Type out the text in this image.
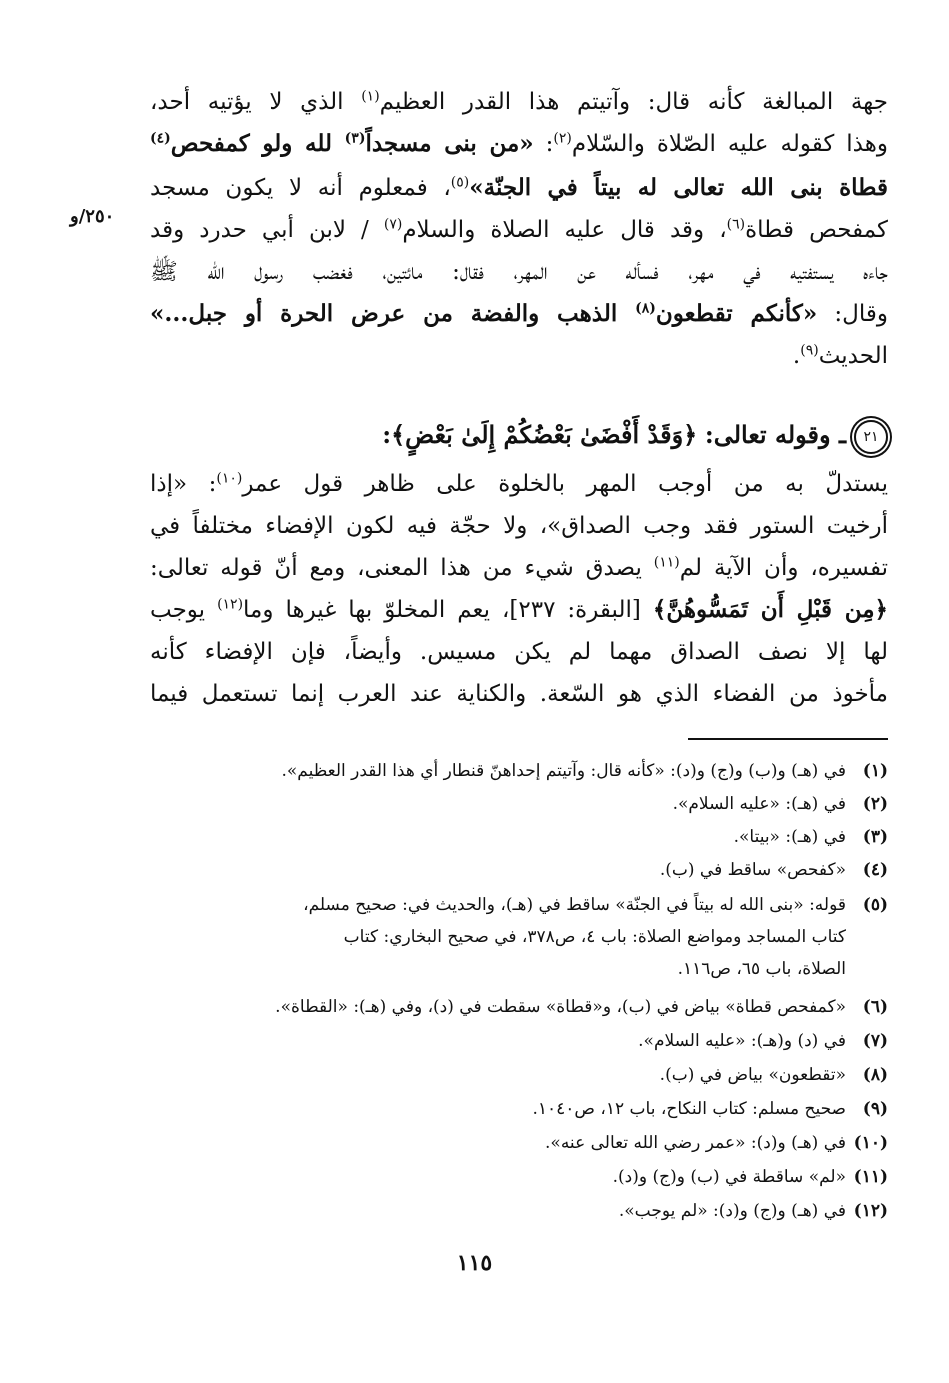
٢٥٠/و
جهة المبالغة كأنه قال: وآتيتم هذا القدر العظيم$^{(١)}$ الذي لا يؤتيه أحد،
وهذا كقوله عليه الصّلاة والسّلام$^{(٢)}$: «من بنى مسجداً$^{(٣)}$ لله ولو كمفحص$^{(٤)}$
قطاة بنى الله تعالى له بيتاً في الجنّة»$^{(٥)}$، فمعلوم أنه لا يكون مسجد
كمفحص قطاة$^{(٦)}$، وقد قال عليه الصلاة والسلام$^{(٧)}$ / لابن أبي حدرد وقد
جاءه يستفتيه في مهر، فسأله عن المهر، فقال: مائتين، فغضب رسول الله ﷺ
وقال: «كأنكم تقطعون$^{(٨)}$ الذهب والفضة من عرض الحرة أو جبل...»
الحديث$^{(٩)}$.
٢١ـ وقوله تعالى: ﴿وَقَدْ أَفْضَىٰ بَعْضُكُمْ إِلَىٰ بَعْضٍ﴾:
يستدلّ به من أوجب المهر بالخلوة على ظاهر قول عمر$^{(١٠)}$: «إذا
أرخيت الستور فقد وجب الصداق»، ولا حجّة فيه لكون الإفضاء مختلفاً في
تفسيره، وأن الآية لم$^{(١١)}$ يصدق شيء من هذا المعنى، ومع أنّ قوله تعالى:
﴿مِن قَبْلِ أَن تَمَسُّوهُنَّ﴾ [البقرة: ٢٣٧]، يعم المخلوّ بها غيرها وما$^{(١٢)}$ يوجب
لها إلا نصف الصداق مهما لم يكن مسيس. وأيضاً، فإن الإفضاء كأنه
مأخوذ من الفضاء الذي هو السّعة. والكناية عند العرب إنما تستعمل فيما
(١)في (هـ) و(ب) و(ج) و(د): «كأنه قال: وآتيتم إحداهنّ قنطار أي هذا القدر العظيم».
(٢)في (هـ): «عليه السلام».
(٣)في (هـ): «بيتا».
(٤)«كفحص» ساقط في (ب).
(٥)قوله: «بنى الله له بيتاً في الجنّة» ساقط في (هـ)، والحديث في: صحيح مسلم،
كتاب المساجد ومواضع الصلاة: باب ٤، ص٣٧٨، في صحيح البخاري: كتاب
الصلاة، باب ٦٥، ص١١٦.
(٦)«كمفحص قطاة» بياض في (ب)، و«قطاة» سقطت في (د)، وفي (هـ): «القطاة».
(٧)في (د) و(هـ): «عليه السلام».
(٨)«تقطعون» بياض في (ب).
(٩)صحيح مسلم: كتاب النكاح، باب ١٢، ص١٠٤٠.
(١٠)في (هـ) و(د): «عمر رضي الله تعالى عنه».
(١١)«لم» ساقطة في (ب) و(ج) و(د).
(١٢)في (هـ) و(ج) و(د): «لم يوجب».
١١٥
